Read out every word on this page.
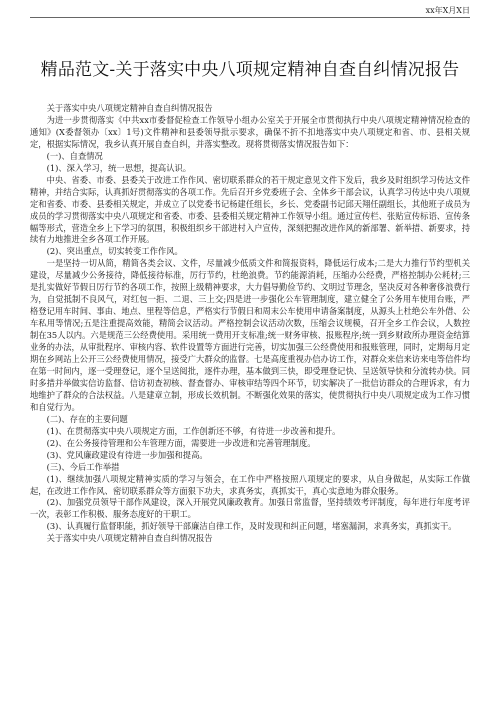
xx年X月X日
精品范文-关于落实中央八项规定精神自查自纠情况报告

关于落实中央八项规定精神自查自纠情况报告

为进一步贯彻落实《中共xx市委督促检查工作领导小组办公室关于开展全市贯彻执行中央八项规定精神情况检查的通知》(X委督领办〔xx〕1号)文件精神和县委领导批示要求，确保不折不扣地落实中央八项规定和省、市、县相关规定，根据实际情况，我乡认真开展自查自纠，并落实整改。现将贯彻落实情况报告如下：

(一)、自查情况

(1)、深入学习，统一思想，提高认识。

中央、省委、市委、县委关于改进工作作风、密切联系群众的若干规定意见文件下发后，我乡及时组织学习传达文件精神，并结合实际，认真抓好贯彻落实的各项工作。先后召开乡党委班子会、全体乡干部会议，认真学习传达中央八项规定和省委、市委、县委相关规定，并成立了以党委书记杨建任组长，乡长、党委副书记邱天翔任副组长，其他班子成员为成员的学习贯彻落实中央八项规定和省委、市委、县委相关规定精神工作领导小组。通过宣传栏、张贴宣传标语、宣传条幅等形式，营造全乡上下学习的氛围，积极组织乡干部进村入户宣传，深刻把握改进作风的新部署、新举措、新要求，持续有力地推进全乡各项工作开展。

(2)、突出重点，切实转变工作作风。

一是坚持一切从简，精简各类会议、文件，尽量减少低质文件和简报资料，降低运行成本;二是大力推行节约型机关建设，尽量减少公务接待，降低接待标准，厉行节约，杜绝浪费。节约能源消耗，压缩办公经费，严格控制办公耗材;三是扎实做好节假日厉行节约各项工作，按照上级精神要求，大力倡导勤俭节约、文明过节理念，坚决反对各种奢侈浪费行为，自觉抵制不良风气，对红包一拒、二退、三上交;四是进一步强化公车管理制度，建立健全了公务用车使用台账，严格登记用车时间、事由、地点、里程等信息，严格实行节假日和周末公车使用申请备案制度，从源头上杜绝公车外借、公车私用等情况;五是注重提高效能，精简会议活动。严格控制会议活动次数，压缩会议规模，召开全乡工作会议，人数控制在35人以内。六是规范三公经费使用。采用统一费用开支标准;统一财务审核、报账程序;统一到乡财政所办理资金结算业务的办法，从审批程序、审核内容、软件设置等方面进行完善，切实加强三公经费使用和报账管理，同时，定期每月定期在乡网站上公开三公经费使用情况，接受广大群众的监督。七是高度重视办信办访工作，对群众来信来访来电等信件均在第一时间内，逐一受理登记，逐个呈送阅批，逐件办理，基本做到三快，即受理登记快、呈送领导快和分流转办快。同时多措并举做实信访监督、信访初查初核、督查督办、审核审结等四个环节，切实解决了一批信访群众的合理诉求，有力地维护了群众的合法权益。八是建章立制，形成长效机制。不断强化效果的落实，使贯彻执行中央八项规定成为工作习惯和自觉行为。

(二)、存在的主要问题

(1)、在贯彻落实中央八项规定方面，工作创新还不够，有待进一步改善和提升。

(2)、在公务接待管理和公车管理方面，需要进一步改进和完善管理制度。

(3)、党风廉政建设有待进一步加强和提高。

(三)、今后工作举措

(1)、继续加强八项规定精神实质的学习与领会，在工作中严格按照八项规定的要求，从自身做起，从实际工作做起，在改进工作作风、密切联系群众等方面狠下功夫，求真务实，真抓实干，真心实意地为群众服务。

(2)、加强党员领导干部作风建设，深入开展党风廉政教育。加强日常监督，坚持绩效考评制度，每年进行年度考评一次，表彰工作积极、服务态度好的干职工。

(3)、认真履行监督职能，抓好领导干部廉洁自律工作，及时发现和纠正问题，堵塞漏洞，求真务实，真抓实干。

关于落实中央八项规定精神自查自纠情况报告
